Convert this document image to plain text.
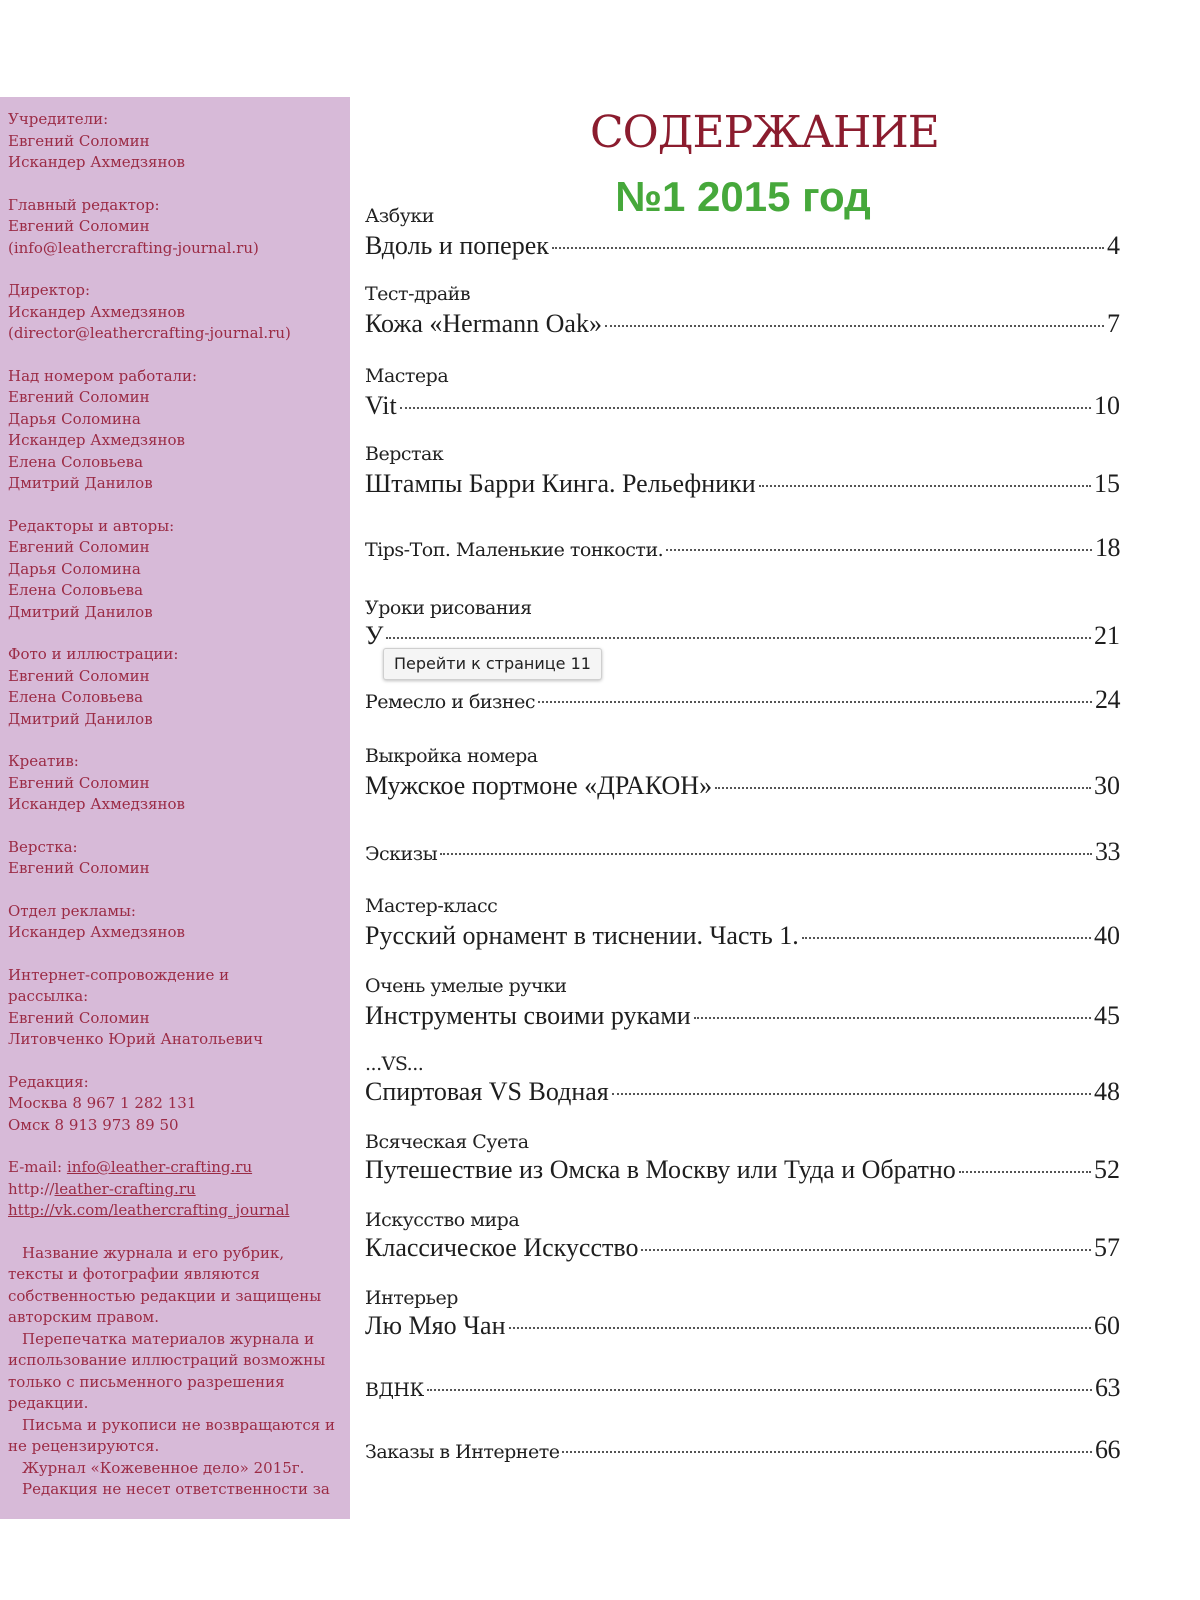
Учредители:
Евгений Соломин
Искандер Ахмедзянов
Главный редактор:
Евгений Соломин
(info@leathercrafting-journal.ru)
Директор:
Искандер Ахмедзянов
(director@leathercrafting-journal.ru)
Над номером работали:
Евгений Соломин
Дарья Соломина
Искандер Ахмедзянов
Елена Соловьева
Дмитрий Данилов
Редакторы и авторы:
Евгений Соломин
Дарья Соломина
Елена Соловьева
Дмитрий Данилов
Фото и иллюстрации:
Евгений Соломин
Елена Соловьева
Дмитрий Данилов
Креатив:
Евгений Соломин
Искандер Ахмедзянов
Верстка:
Евгений Соломин
Отдел рекламы:
Искандер Ахмедзянов
Интернет-сопровождение и
рассылка:
Евгений Соломин
Литовченко Юрий Анатольевич
Редакция:
Москва 8 967 1 282 131
Омск 8 913 973 89 50
E-mail: info@leather-crafting.ru
http://leather-crafting.ru
http://vk.com/leathercrafting_journal
Название журнала и его рубрик, тексты и фотографии являются собственностью редакции и защищены авторским правом.
Перепечатка материалов журнала и использование иллюстраций возможны только с письменного разрешения редакции.
Письма и рукописи не возвращаются и не рецензируются.
Журнал «Кожевенное дело» 2015г.
Редакция не несет ответственности за
СОДЕРЖАНИЕ
№1 2015 год
Азбуки
Вдоль и поперек	4
Тест-драйв
Кожа «Hermann Oak»	7
Мастера
Vit	10
Верстак
Штампы Барри Кинга. Рельефники	15
Tips-Топ. Маленькие тонкости.	18
Уроки рисования
У	21
Ремесло и бизнес	24
Выкройка номера
Мужское портмоне «ДРАКОН»	30
Эскизы	33
Мастер-класс
Русский орнамент в тиснении. Часть 1.	40
Очень умелые ручки
Инструменты своими руками	45
...VS...
Спиртовая VS Водная	48
Всяческая Суета
Путешествие из Омска в Москву или Туда и Обратно	52
Искусство мира
Классическое Искусство	57
Интерьер
Лю Мяо Чан	60
ВДНК	63
Заказы в Интернете	66
Перейти к странице 11
